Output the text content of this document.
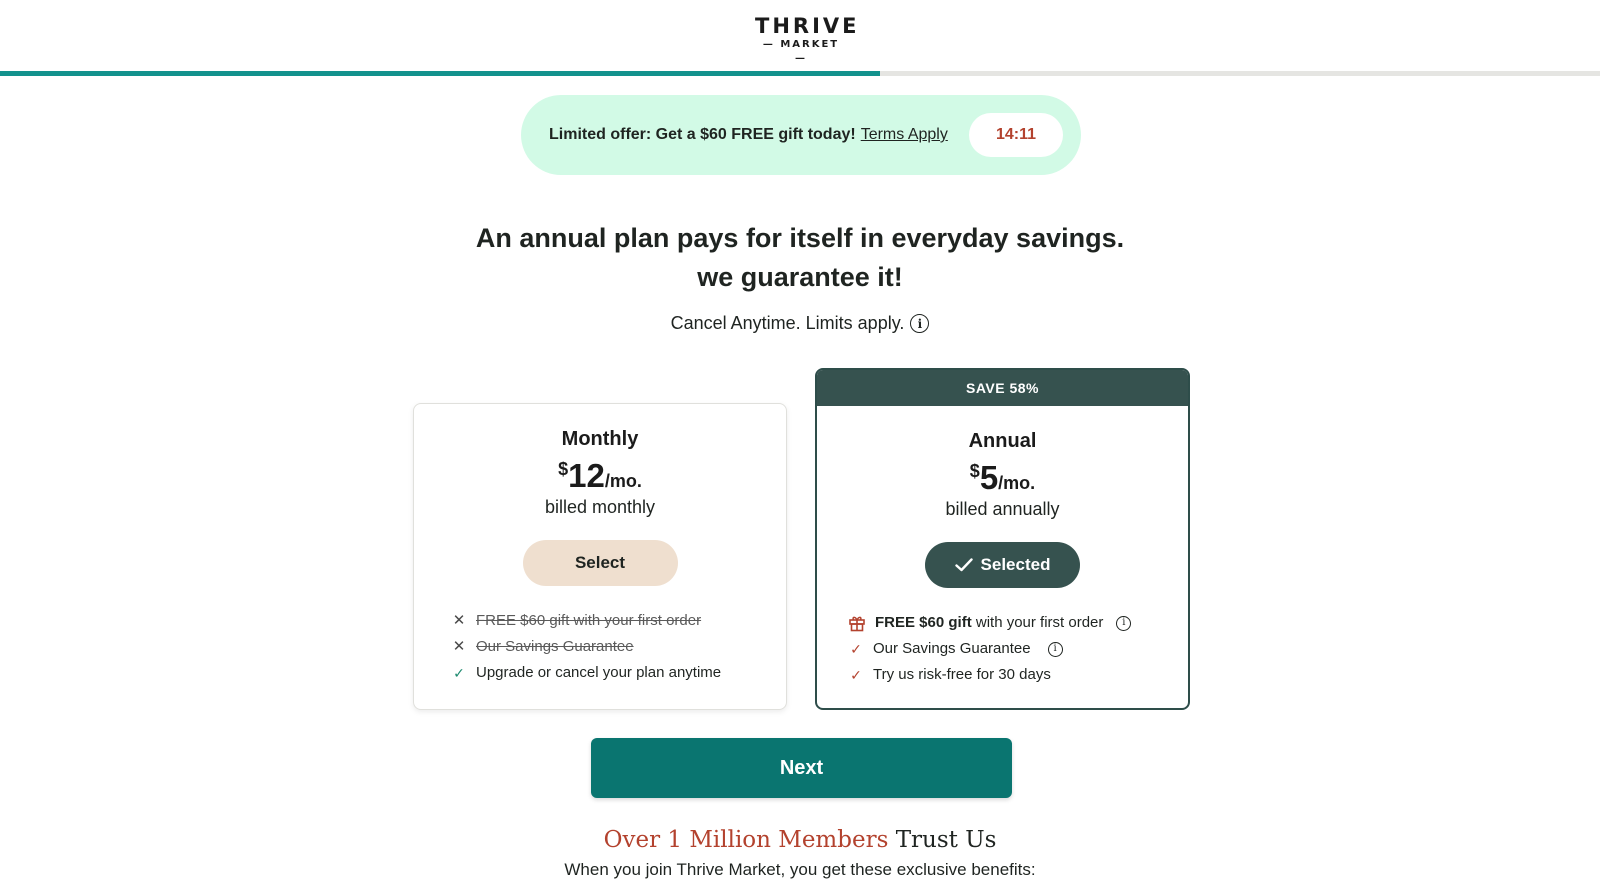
THRIVE
— MARKET —
Limited offer: Get a $60 FREE gift today! Terms Apply	14:11
An annual plan pays for itself in everyday savings.
we guarantee it!
Cancel Anytime. Limits apply.	i
Monthly
$12/mo.
billed monthly
Select
✕ FREE $60 gift with your first order
✕ Our Savings Guarantee
✓ Upgrade or cancel your plan anytime
SAVE 58%
Annual
$5/mo.
billed annually
Selected
FREE $60 gift with your first order	i
✓ Our Savings Guarantee	i
✓ Try us risk-free for 30 days
Next
Over 1 Million Members Trust Us
When you join Thrive Market, you get these exclusive benefits:
